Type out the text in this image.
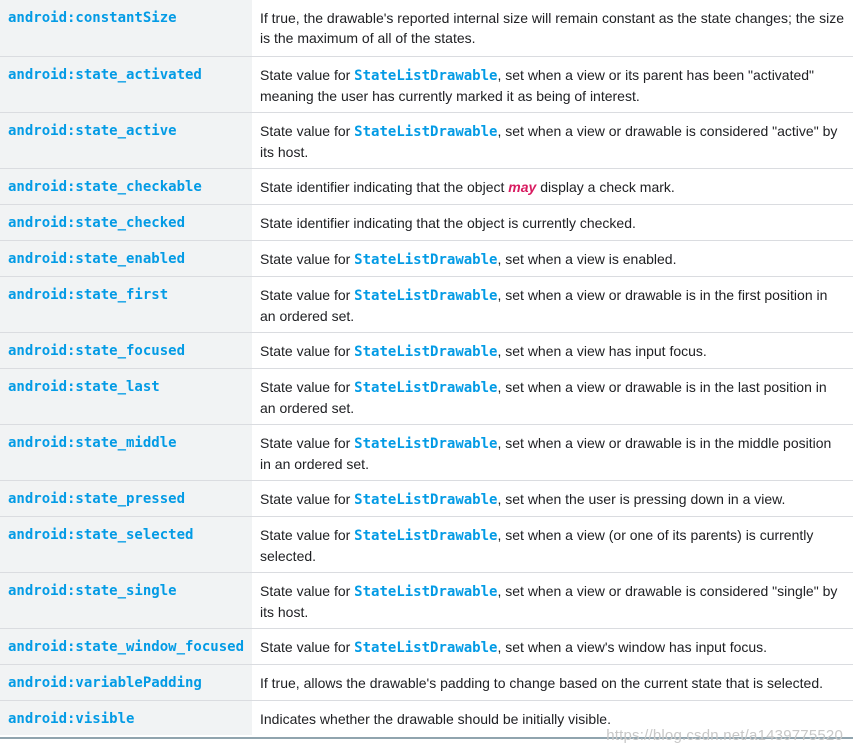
android:constantSize	If true, the drawable's reported internal size will remain constant as the state changes; the size is the maximum of all of the states.
android:state_activated	State value for StateListDrawable, set when a view or its parent has been "activated" meaning the user has currently marked it as being of interest.
android:state_active	State value for StateListDrawable, set when a view or drawable is considered "active" by its host.
android:state_checkable	State identifier indicating that the object may display a check mark.
android:state_checked	State identifier indicating that the object is currently checked.
android:state_enabled	State value for StateListDrawable, set when a view is enabled.
android:state_first	State value for StateListDrawable, set when a view or drawable is in the first position in an ordered set.
android:state_focused	State value for StateListDrawable, set when a view has input focus.
android:state_last	State value for StateListDrawable, set when a view or drawable is in the last position in an ordered set.
android:state_middle	State value for StateListDrawable, set when a view or drawable is in the middle position in an ordered set.
android:state_pressed	State value for StateListDrawable, set when the user is pressing down in a view.
android:state_selected	State value for StateListDrawable, set when a view (or one of its parents) is currently selected.
android:state_single	State value for StateListDrawable, set when a view or drawable is considered "single" by its host.
android:state_window_focused	State value for StateListDrawable, set when a view's window has input focus.
android:variablePadding	If true, allows the drawable's padding to change based on the current state that is selected.
android:visible	Indicates whether the drawable should be initially visible.
https://blog.csdn.net/a1439775520
